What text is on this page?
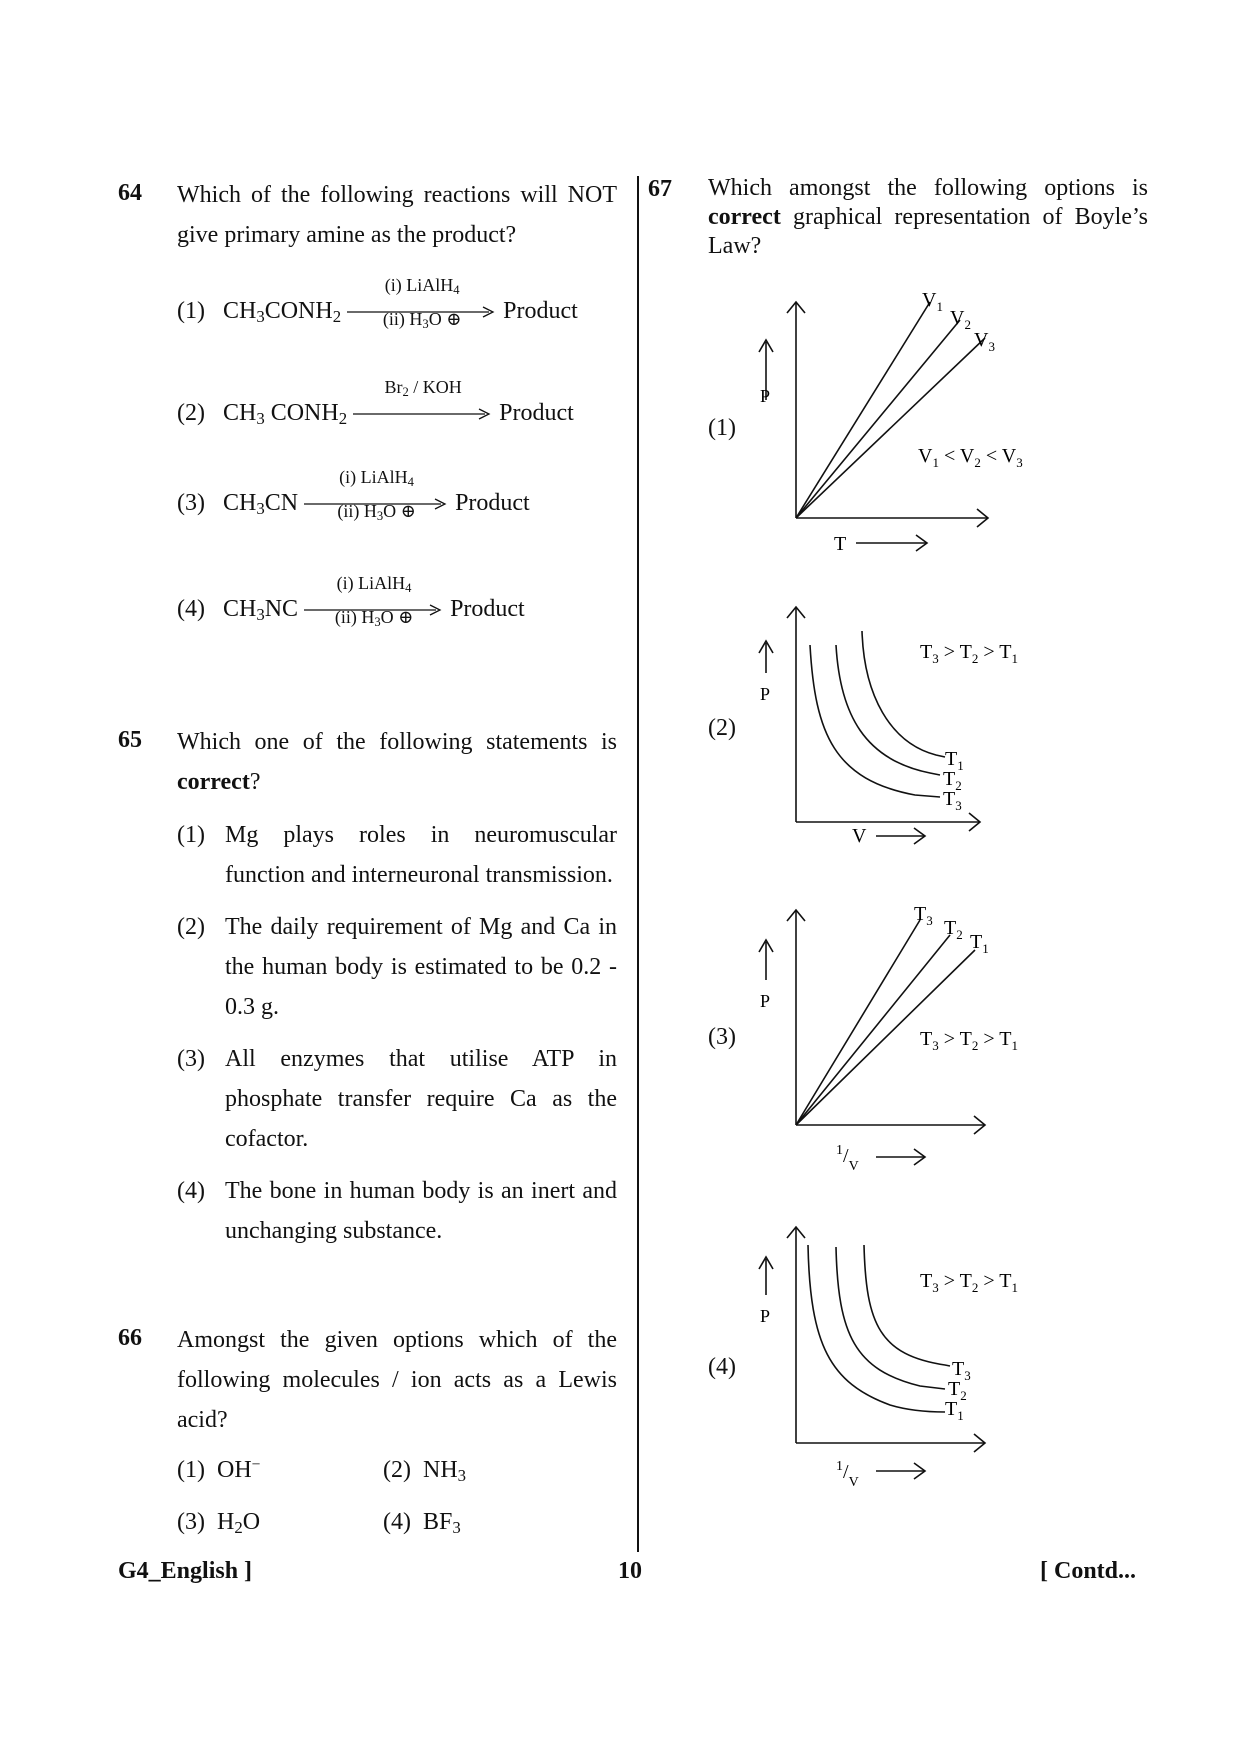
64 Which of the following reactions will NOT give primary amine as the product?
(1) $CH_3CONH_2$
(i) LiAlH$_4$
(ii) $H_3O$ ⊕	Product
(2) $CH_3$ $CONH_2$
$Br_2$ / KOH
Product
(3) $CH_3CN$
(i) LiAlH$_4$
(ii) $H_3O$ ⊕	Product
(4) $CH_3NC$
(i) LiAlH$_4$
(ii) $H_3O$ ⊕	Product
65 Which one of the following statements is correct?
(1) Mg plays roles in neuromuscular function and interneuronal transmission.
(2) The daily requirement of Mg and Ca in the human body is estimated to be 0.2 - 0.3 g.
(3) All enzymes that utilise ATP in phosphate transfer require Ca as the cofactor.
(4) The bone in human body is an inert and unchanging substance.
66 Amongst the given options which of the following molecules / ion acts as a Lewis acid?
(1)  OH−	(2)  $NH_3$
(3)  $H_2O$	(4)  $BF_3$
67 Which amongst the following options is correct graphical representation of Boyle’s Law?
(1)
P
T
$V_1$
$V_2$
$V_3$
$V_1 < V_2 < V_3$
(2)
P
V
$T_1$
$T_2$
$T_3$
$T_3 > T_2 > T_1$
(3)
P
$^1/_V$
$T_3$ $T_2$ $T_1$
$T_3 > T_2 > T_1$
(4)
P
$^1/_V$
$T_3$
$T_2$
$T_1$
$T_3 > T_2 > T_1$
G4_English ]	10	[ Contd...
